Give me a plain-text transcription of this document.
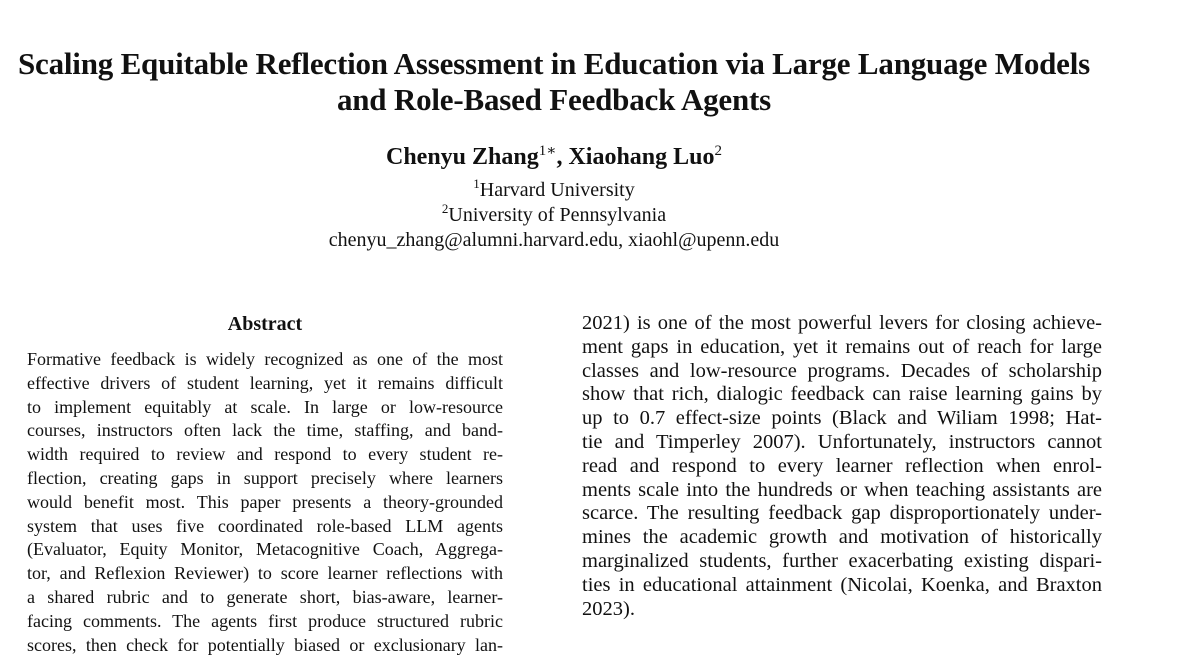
Scaling Equitable Reflection Assessment in Education via Large Language Models
and Role-Based Feedback Agents
Chenyu Zhang$^{1∗}$, Xiaohang Luo$^2$
$^1$Harvard University
$^2$University of Pennsylvania
chenyu_zhang@alumni.harvard.edu, xiaohl@upenn.edu
Abstract
Formative feedback is widely recognized as one of the most
effective drivers of student learning, yet it remains difficult
to implement equitably at scale. In large or low-resource
courses, instructors often lack the time, staffing, and band-
width required to review and respond to every student re-
flection, creating gaps in support precisely where learners
would benefit most. This paper presents a theory-grounded
system that uses five coordinated role-based LLM agents
(Evaluator, Equity Monitor, Metacognitive Coach, Aggrega-
tor, and Reflexion Reviewer) to score learner reflections with
a shared rubric and to generate short, bias-aware, learner-
facing comments. The agents first produce structured rubric
scores, then check for potentially biased or exclusionary lan-
2021) is one of the most powerful levers for closing achieve-
ment gaps in education, yet it remains out of reach for large
classes and low-resource programs. Decades of scholarship
show that rich, dialogic feedback can raise learning gains by
up to 0.7 effect-size points (Black and Wiliam 1998; Hat-
tie and Timperley 2007). Unfortunately, instructors cannot
read and respond to every learner reflection when enrol-
ments scale into the hundreds or when teaching assistants are
scarce. The resulting feedback gap disproportionately under-
mines the academic growth and motivation of historically
marginalized students, further exacerbating existing dispari-
ties in educational attainment (Nicolai, Koenka, and Braxton
2023).
